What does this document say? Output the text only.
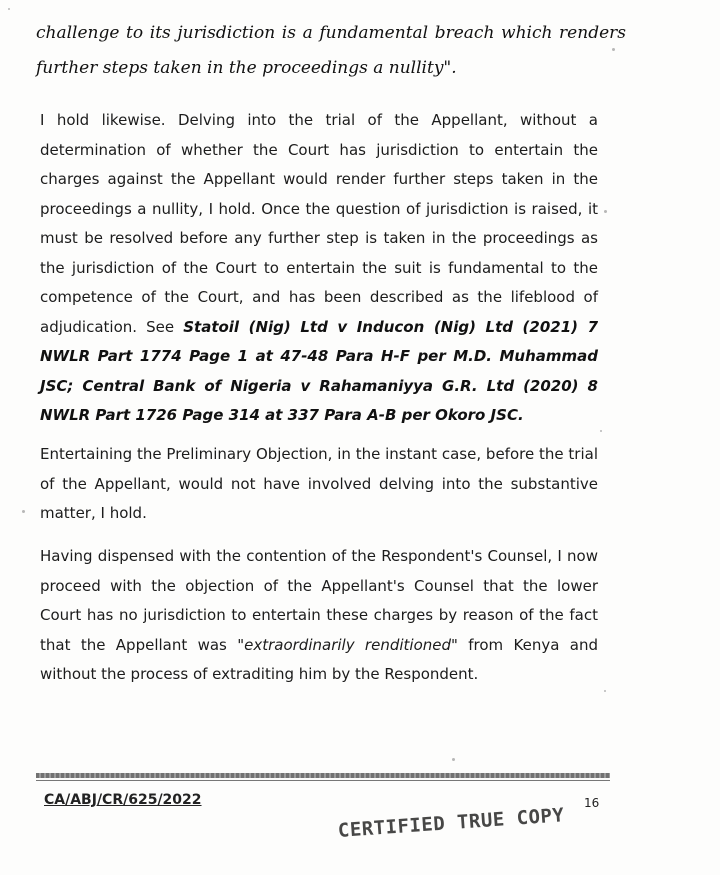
challenge to its jurisdiction is a fundamental breach which renders further steps taken in the proceedings a nullity".
I hold likewise. Delving into the trial of the Appellant, without a determination of whether the Court has jurisdiction to entertain the charges against the Appellant would render further steps taken in the proceedings a nullity, I hold. Once the question of jurisdiction is raised, it must be resolved before any further step is taken in the proceedings as the jurisdiction of the Court to entertain the suit is fundamental to the competence of the Court, and has been described as the lifeblood of adjudication. See Statoil (Nig) Ltd v Inducon (Nig) Ltd (2021) 7 NWLR Part 1774 Page 1 at 47-48 Para H-F per M.D. Muhammad JSC; Central Bank of Nigeria v Rahamaniyya G.R. Ltd (2020) 8 NWLR Part 1726 Page 314 at 337 Para A-B per Okoro JSC.
Entertaining the Preliminary Objection, in the instant case, before the trial of the Appellant, would not have involved delving into the substantive matter, I hold.
Having dispensed with the contention of the Respondent's Counsel, I now proceed with the objection of the Appellant's Counsel that the lower Court has no jurisdiction to entertain these charges by reason of the fact that the Appellant was "extraordinarily renditioned" from Kenya and without the process of extraditing him by the Respondent.
CA/ABJ/CR/625/2022	16
CERTIFIED TRUE COPY
